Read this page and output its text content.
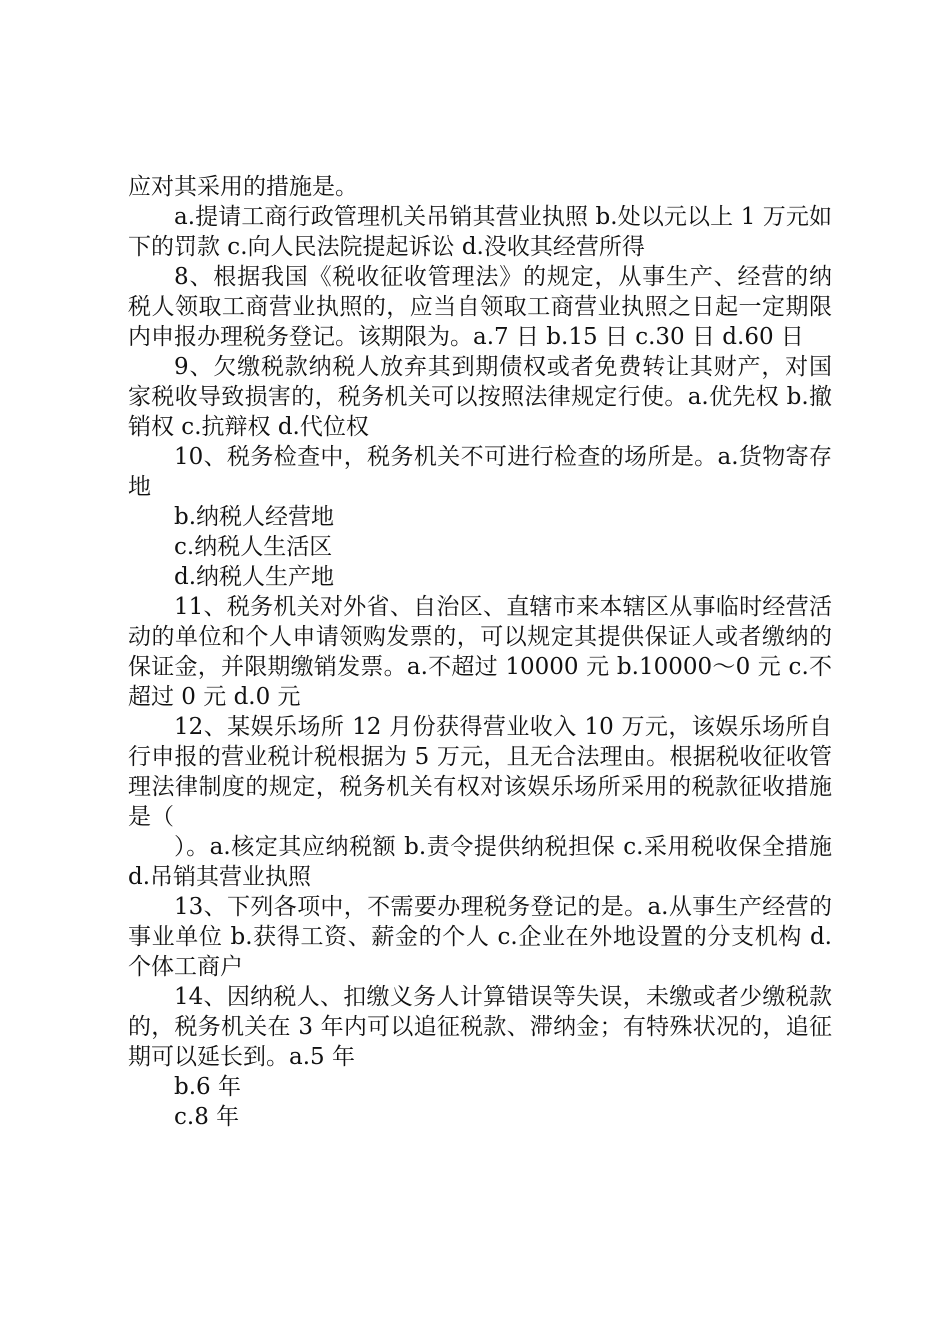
应对其采用的措施是。

a.提请工商行政管理机关吊销其营业执照 b.处以元以上 1 万元如下的罚款 c.向人民法院提起诉讼 d.没收其经营所得

8、根据我国《税收征收管理法》的规定，从事生产、经营的纳税人领取工商营业执照的，应当自领取工商营业执照之日起一定期限内申报办理税务登记。该期限为。a.7 日 b.15 日 c.30 日 d.60 日

9、欠缴税款纳税人放弃其到期债权或者免费转让其财产，对国家税收导致损害的，税务机关可以按照法律规定行使。a.优先权 b.撤销权 c.抗辩权 d.代位权

10、税务检查中，税务机关不可进行检查的场所是。a.货物寄存地

b.纳税人经营地

c.纳税人生活区

d.纳税人生产地

11、税务机关对外省、自治区、直辖市来本辖区从事临时经营活动的单位和个人申请领购发票的，可以规定其提供保证人或者缴纳的保证金，并限期缴销发票。a.不超过 10000 元 b.10000～0 元 c.不超过 0 元 d.0 元

12、某娱乐场所 12 月份获得营业收入 10 万元，该娱乐场所自行申报的营业税计税根据为 5 万元，且无合法理由。根据税收征收管理法律制度的规定，税务机关有权对该娱乐场所采用的税款征收措施是（

）。a.核定其应纳税额 b.责令提供纳税担保 c.采用税收保全措施 d.吊销其营业执照

13、下列各项中，不需要办理税务登记的是。a.从事生产经营的事业单位 b.获得工资、薪金的个人 c.企业在外地设置的分支机构 d.个体工商户

14、因纳税人、扣缴义务人计算错误等失误，未缴或者少缴税款的，税务机关在 3 年内可以追征税款、滞纳金；有特殊状况的，追征期可以延长到。a.5 年

b.6 年

c.8 年
